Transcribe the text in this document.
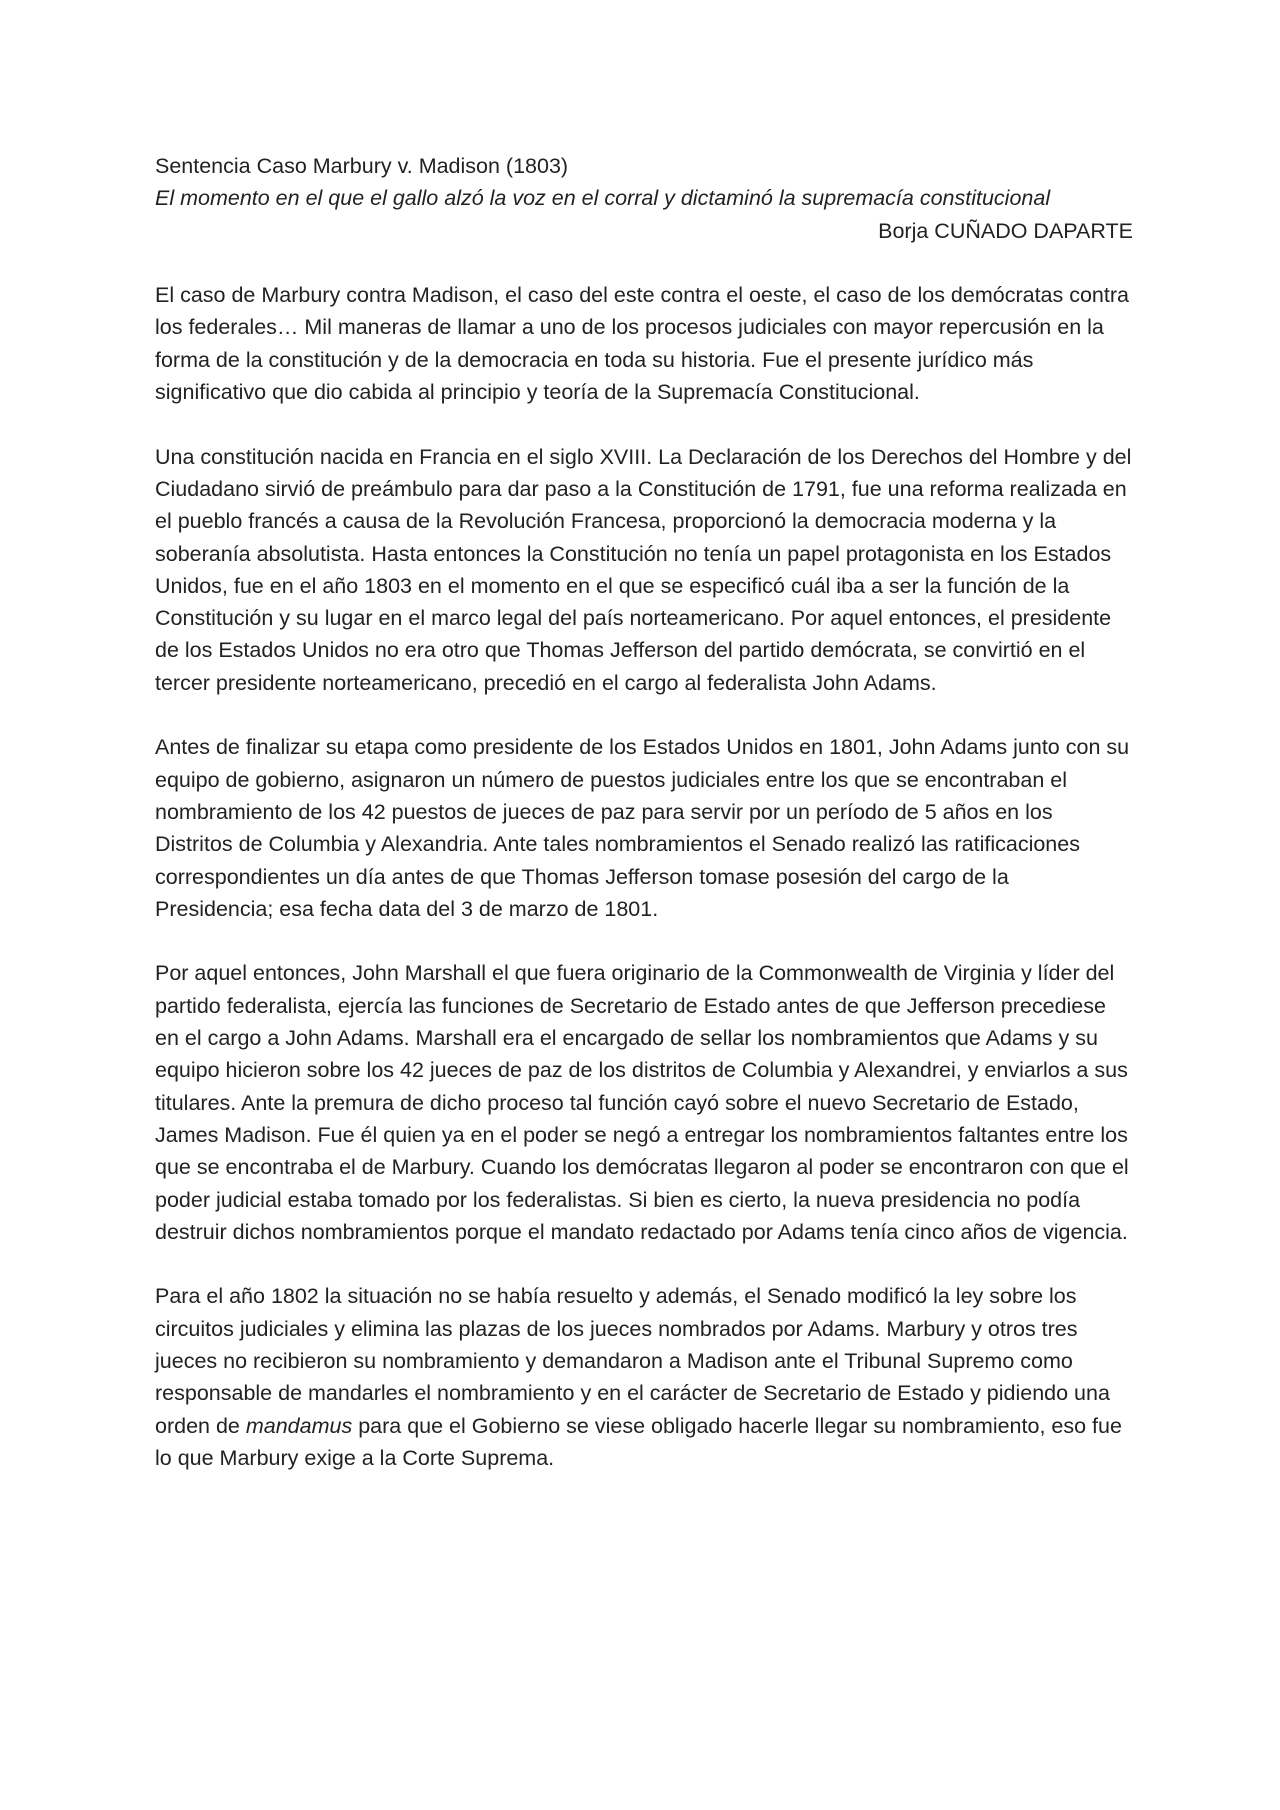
Sentencia Caso Marbury v. Madison (1803)
El momento en el que el gallo alzó la voz en el corral y dictaminó la supremacía constitucional

Borja CUÑADO DAPARTE

El caso de Marbury contra Madison, el caso del este contra el oeste, el caso de los demócratas contra los federales… Mil maneras de llamar a uno de los procesos judiciales con mayor repercusión en la forma de la constitución y de la democracia en toda su historia. Fue el presente jurídico más significativo que dio cabida al principio y teoría de la Supremacía Constitucional.

Una constitución nacida en Francia en el siglo XVIII. La Declaración de los Derechos del Hombre y del Ciudadano sirvió de preámbulo para dar paso a la Constitución de 1791, fue una reforma realizada en el pueblo francés a causa de la Revolución Francesa, proporcionó la democracia moderna y la soberanía absolutista. Hasta entonces la Constitución no tenía un papel protagonista en los Estados Unidos, fue en el año 1803 en el momento en el que se especificó cuál iba a ser la función de la Constitución y su lugar en el marco legal del país norteamericano. Por aquel entonces, el presidente de los Estados Unidos no era otro que Thomas Jefferson del partido demócrata, se convirtió en el tercer presidente norteamericano, precedió en el cargo al federalista John Adams.

Antes de finalizar su etapa como presidente de los Estados Unidos en 1801, John Adams junto con su equipo de gobierno, asignaron un número de puestos judiciales entre los que se encontraban el nombramiento de los 42 puestos de jueces de paz para servir por un período de 5 años en los Distritos de Columbia y Alexandria. Ante tales nombramientos el Senado realizó las ratificaciones correspondientes un día antes de que Thomas Jefferson tomase posesión del cargo de la Presidencia; esa fecha data del 3 de marzo de 1801.

Por aquel entonces, John Marshall el que fuera originario de la Commonwealth de Virginia y líder del partido federalista, ejercía las funciones de Secretario de Estado antes de que Jefferson precediese en el cargo a John Adams. Marshall era el encargado de sellar los nombramientos que Adams y su equipo hicieron sobre los 42 jueces de paz de los distritos de Columbia y Alexandrei, y enviarlos a sus titulares. Ante la premura de dicho proceso tal función cayó sobre el nuevo Secretario de Estado, James Madison. Fue él quien ya en el poder se negó a entregar los nombramientos faltantes entre los que se encontraba el de Marbury. Cuando los demócratas llegaron al poder se encontraron con que el poder judicial estaba tomado por los federalistas. Si bien es cierto, la nueva presidencia no podía destruir dichos nombramientos porque el mandato redactado por Adams tenía cinco años de vigencia.

Para el año 1802 la situación no se había resuelto y además, el Senado modificó la ley sobre los circuitos judiciales y elimina las plazas de los jueces nombrados por Adams. Marbury y otros tres jueces no recibieron su nombramiento y demandaron a Madison ante el Tribunal Supremo como responsable de mandarles el nombramiento y en el carácter de Secretario de Estado y pidiendo una orden de mandamus para que el Gobierno se viese obligado hacerle llegar su nombramiento, eso fue lo que Marbury exige a la Corte Suprema.
